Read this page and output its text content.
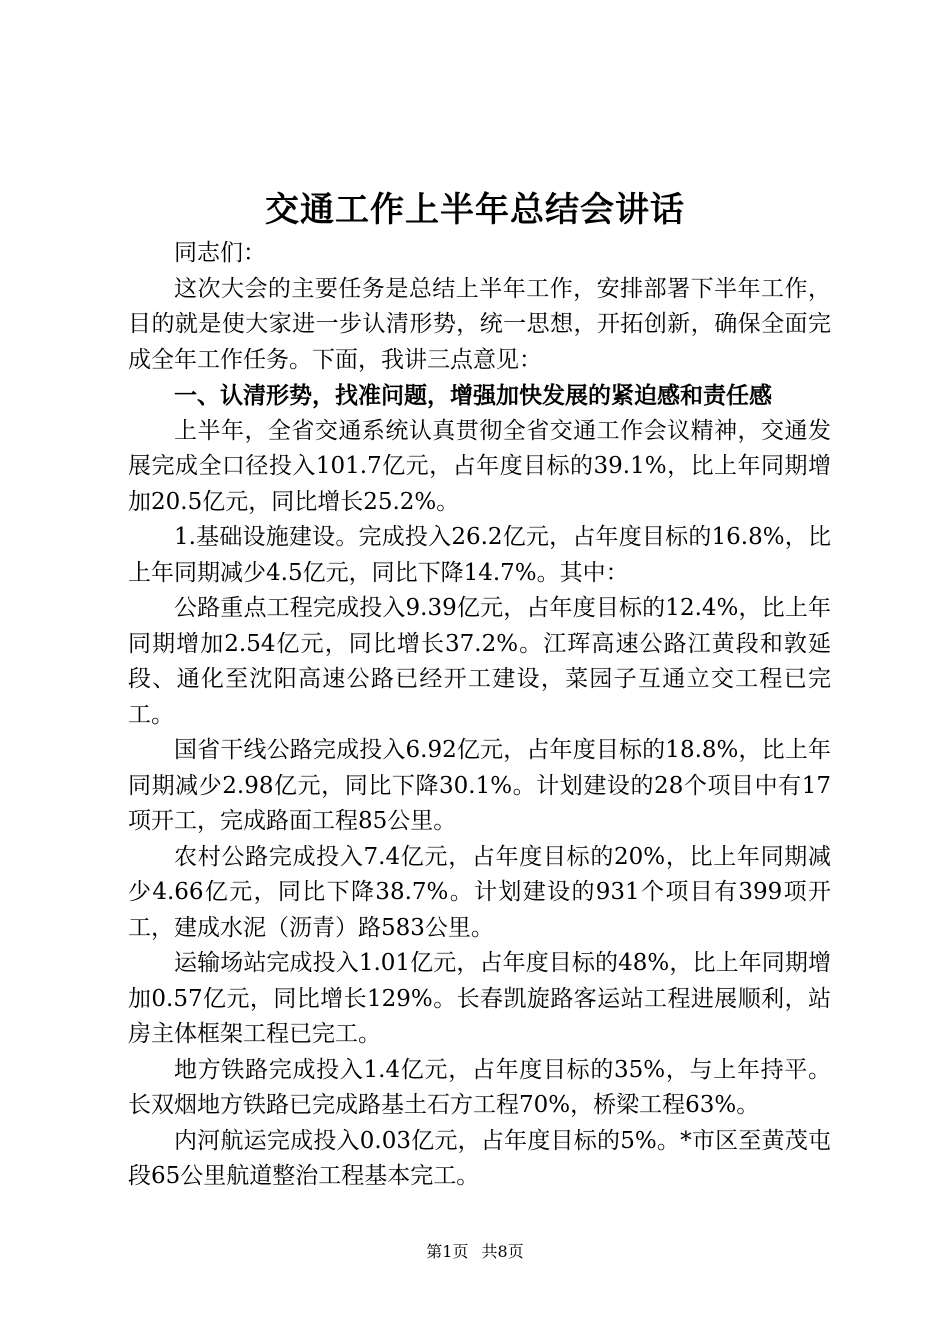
交通工作上半年总结会讲话

同志们：

这次大会的主要任务是总结上半年工作，安排部署下半年工作，目的就是使大家进一步认清形势，统一思想，开拓创新，确保全面完成全年工作任务。下面，我讲三点意见：

一、认清形势，找准问题，增强加快发展的紧迫感和责任感

上半年，全省交通系统认真贯彻全省交通工作会议精神，交通发展完成全口径投入101.7亿元，占年度目标的39.1%，比上年同期增加20.5亿元，同比增长25.2%。

1.基础设施建设。完成投入26.2亿元，占年度目标的16.8%，比上年同期减少4.5亿元，同比下降14.7%。其中：

公路重点工程完成投入9.39亿元，占年度目标的12.4%，比上年同期增加2.54亿元，同比增长37.2%。江珲高速公路江黄段和敦延段、通化至沈阳高速公路已经开工建设，菜园子互通立交工程已完工。

国省干线公路完成投入6.92亿元，占年度目标的18.8%，比上年同期减少2.98亿元，同比下降30.1%。计划建设的28个项目中有17项开工，完成路面工程85公里。

农村公路完成投入7.4亿元，占年度目标的20%，比上年同期减少4.66亿元，同比下降38.7%。计划建设的931个项目有399项开工，建成水泥（沥青）路583公里。

运输场站完成投入1.01亿元，占年度目标的48%，比上年同期增加0.57亿元，同比增长129%。长春凯旋路客运站工程进展顺利，站房主体框架工程已完工。

地方铁路完成投入1.4亿元，占年度目标的35%，与上年持平。长双烟地方铁路已完成路基土石方工程70%，桥梁工程63%。

内河航运完成投入0.03亿元，占年度目标的5%。*市区至黄茂屯段65公里航道整治工程基本完工。

第1页 共8页
